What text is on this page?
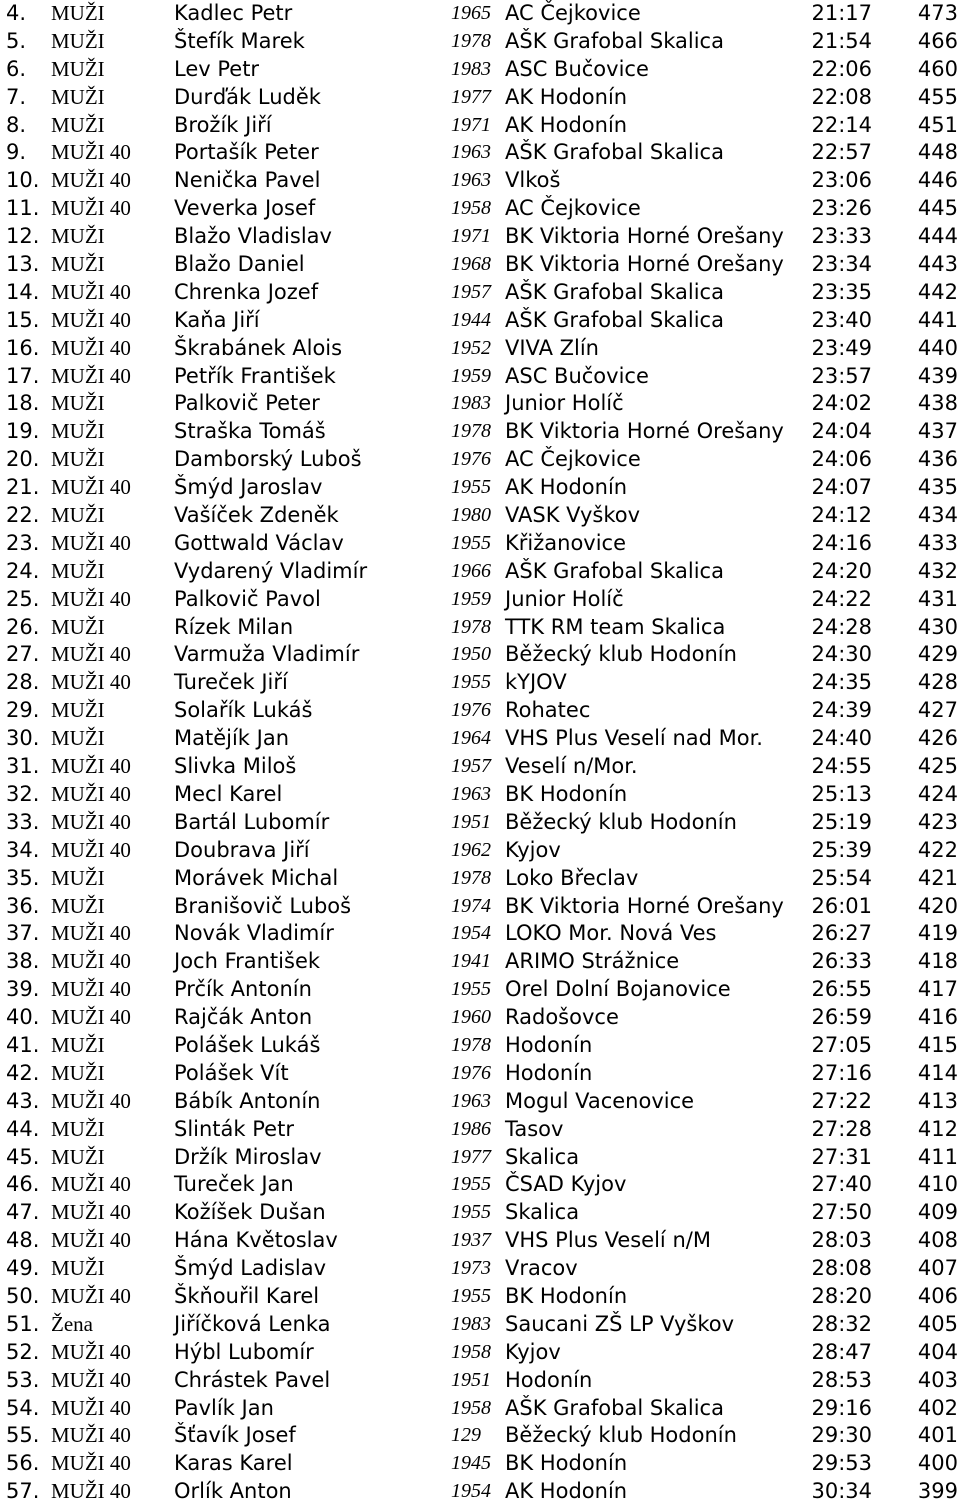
4. MUŽI	Kadlec Petr	1965 AC Čejkovice	21:17 473
5. MUŽI	Štefík Marek	1978 AŠK Grafobal Skalica	21:54 466
6. MUŽI	Lev Petr	1983 ASC Bučovice	22:06 460
7. MUŽI	Durďák Luděk	1977 AK Hodonín	22:08 455
8. MUŽI	Brožík Jiří	1971 AK Hodonín	22:14 451
9. MUŽI 40 Portašík Peter	1963 AŠK Grafobal Skalica	22:57 448
10. MUŽI 40 Nenička Pavel	1963 Vlkoš	23:06 446
11. MUŽI 40 Veverka Josef	1958 AC Čejkovice	23:26 445
12. MUŽI	Blažo Vladislav	1971 BK Viktoria Horné Orešany 23:33 444
13. MUŽI	Blažo Daniel	1968 BK Viktoria Horné Orešany 23:34 443
14. MUŽI 40 Chrenka Jozef	1957 AŠK Grafobal Skalica	23:35 442
15. MUŽI 40 Kaňa Jiří	1944 AŠK Grafobal Skalica	23:40 441
16. MUŽI 40 Škrabánek Alois	1952 VIVA Zlín	23:49 440
17. MUŽI 40 Petřík František	1959 ASC Bučovice	23:57 439
18. MUŽI	Palkovič Peter	1983 Junior Holíč	24:02 438
19. MUŽI	Straška Tomáš	1978 BK Viktoria Horné Orešany 24:04 437
20. MUŽI	Damborský Luboš	1976 AC Čejkovice	24:06 436
21. MUŽI 40 Šmýd Jaroslav	1955 AK Hodonín	24:07 435
22. MUŽI	Vašíček Zdeněk	1980 VASK Vyškov	24:12 434
23. MUŽI 40 Gottwald Václav	1955 Křižanovice	24:16 433
24. MUŽI	Vydarený Vladimír	1966 AŠK Grafobal Skalica	24:20 432
25. MUŽI 40 Palkovič Pavol	1959 Junior Holíč	24:22 431
26. MUŽI	Rízek Milan	1978 TTK RM team Skalica	24:28 430
27. MUŽI 40 Varmuža Vladimír	1950 Běžecký klub Hodonín	24:30 429
28. MUŽI 40 Tureček Jiří	1955 kYJOV	24:35 428
29. MUŽI	Solařík Lukáš	1976 Rohatec	24:39 427
30. MUŽI	Matějík Jan	1964 VHS Plus Veselí nad Mor. 24:40 426
31. MUŽI 40 Slivka Miloš	1957 Veselí n/Mor.	24:55 425
32. MUŽI 40 Mecl Karel	1963 BK Hodonín	25:13 424
33. MUŽI 40 Bartál Lubomír	1951 Běžecký klub Hodonín	25:19 423
34. MUŽI 40 Doubrava Jiří	1962 Kyjov	25:39 422
35. MUŽI	Morávek Michal	1978 Loko Břeclav	25:54 421
36. MUŽI	Branišovič Luboš	1974 BK Viktoria Horné Orešany 26:01 420
37. MUŽI 40 Novák Vladimír	1954 LOKO Mor. Nová Ves	26:27 419
38. MUŽI 40 Joch František	1941 ARIMO Strážnice	26:33 418
39. MUŽI 40 Prčík Antonín	1955 Orel Dolní Bojanovice	26:55 417
40. MUŽI 40 Rajčák Anton	1960 Radošovce	26:59 416
41. MUŽI	Polášek Lukáš	1978 Hodonín	27:05 415
42. MUŽI	Polášek Vít	1976 Hodonín	27:16 414
43. MUŽI 40 Bábík Antonín	1963 Mogul Vacenovice	27:22 413
44. MUŽI	Slinták Petr	1986 Tasov	27:28 412
45. MUŽI	Držík Miroslav	1977 Skalica	27:31 411
46. MUŽI 40 Tureček Jan	1955 ČSAD Kyjov	27:40 410
47. MUŽI 40 Kožíšek Dušan	1955 Skalica	27:50 409
48. MUŽI 40 Hána Květoslav	1937 VHS Plus Veselí n/M	28:03 408
49. MUŽI	Šmýd Ladislav	1973 Vracov	28:08 407
50. MUŽI 40 Škňouřil Karel	1955 BK Hodonín	28:20 406
51. Žena	Jiříčková Lenka	1983 Saucani ZŠ LP Vyškov	28:32 405
52. MUŽI 40 Hýbl Lubomír	1958 Kyjov	28:47 404
53. MUŽI 40 Chrástek Pavel	1951 Hodonín	28:53 403
54. MUŽI 40 Pavlík Jan	1958 AŠK Grafobal Skalica	29:16 402
55. MUŽI 40 Šťavík Josef	129 Běžecký klub Hodonín	29:30 401
56. MUŽI 40 Karas Karel	1945 BK Hodonín	29:53 400
57. MUŽI 40 Orlík Anton	1954 AK Hodonín	30:34 399
